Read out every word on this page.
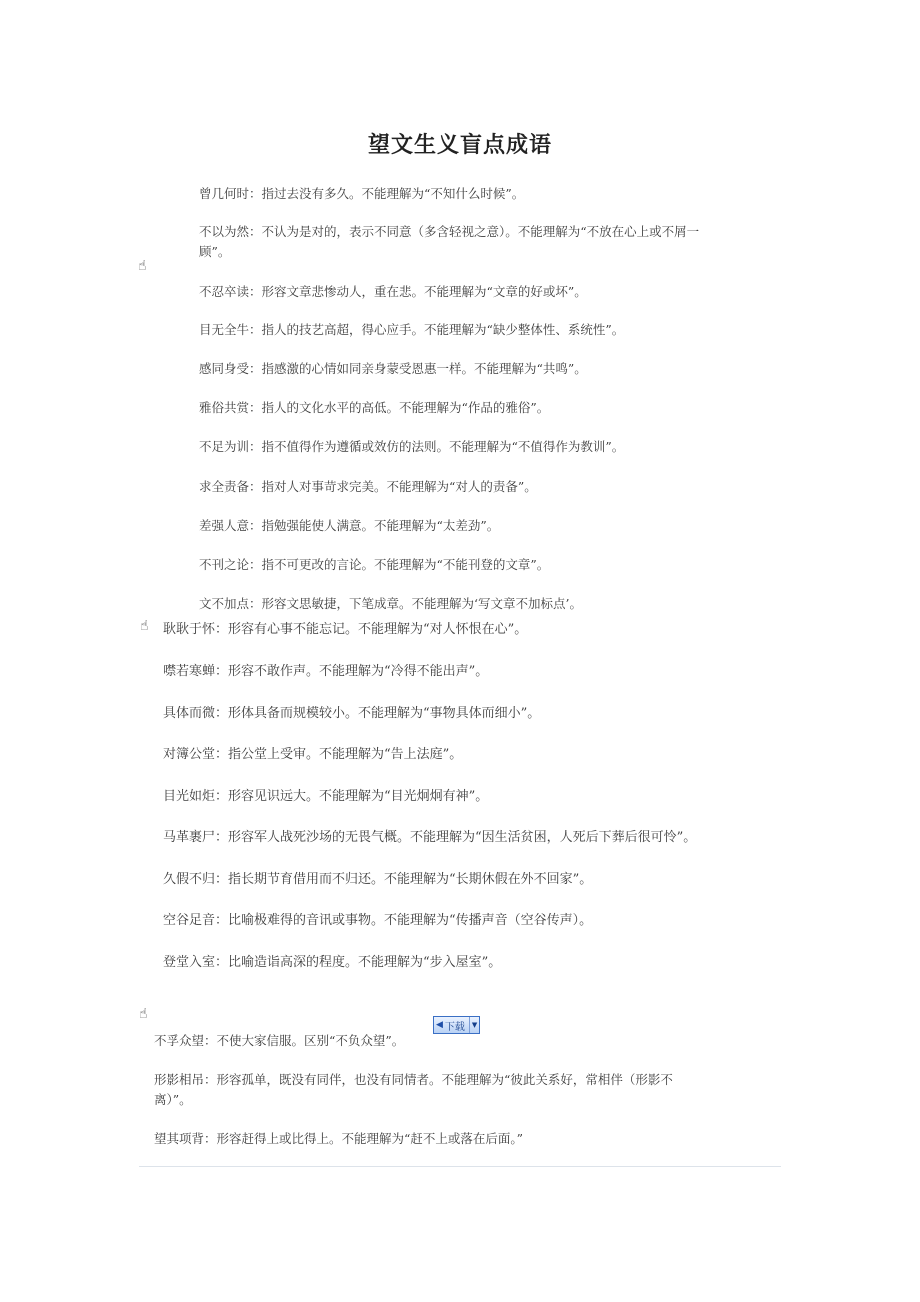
望文生义盲点成语
☝
曾几何时：指过去没有多久。不能理解为“不知什么时候”。
不以为然：不认为是对的，表示不同意（多含轻视之意）。不能理解为“不放在心上或不屑一顾”。
不忍卒读：形容文章悲惨动人，重在悲。不能理解为“文章的好或坏”。
目无全牛：指人的技艺高超，得心应手。不能理解为“缺少整体性、系统性”。
感同身受：指感激的心情如同亲身蒙受恩惠一样。不能理解为“共鸣”。
雅俗共赏：指人的文化水平的高低。不能理解为“作品的雅俗”。
不足为训：指不值得作为遵循或效仿的法则。不能理解为“不值得作为教训”。
求全责备：指对人对事苛求完美。不能理解为“对人的责备”。
差强人意：指勉强能使人满意。不能理解为“太差劲”。
不刊之论：指不可更改的言论。不能理解为“不能刊登的文章”。
文不加点：形容文思敏捷，下笔成章。不能理解为‘写文章不加标点’。
☝	耿耿于怀：形容有心事不能忘记。不能理解为“对人怀恨在心”。
噤若寒蝉：形容不敢作声。不能理解为“冷得不能出声”。
具体而微：形体具备而规模较小。不能理解为“事物具体而细小”。
对簿公堂：指公堂上受审。不能理解为“告上法庭”。
目光如炬：形容见识远大。不能理解为“目光炯炯有神”。
马革裹尸：形容军人战死沙场的无畏气概。不能理解为“因生活贫困，人死后下葬后很可怜”。
久假不归：指长期节育借用而不归还。不能理解为“长期休假在外不回家”。
空谷足音：比喻极难得的音讯或事物。不能理解为“传播声音（空谷传声）。
登堂入室：比喻造诣高深的程度。不能理解为“步入屋室”。
☝
◀ 下载 ▼
不孚众望：不使大家信服。区别“不负众望”。
形影相吊：形容孤单，既没有同伴，也没有同情者。不能理解为“彼此关系好，常相伴（形影不离）”。
望其项背：形容赶得上或比得上。不能理解为“赶不上或落在后面。”
